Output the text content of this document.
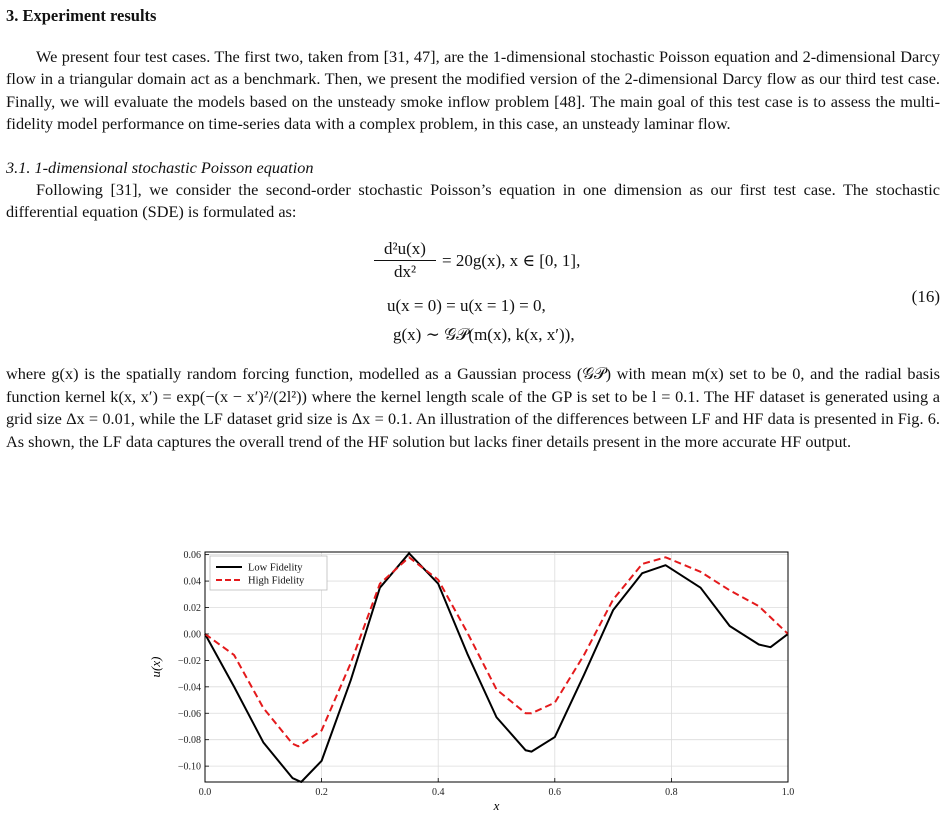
3. Experiment results

We present four test cases. The first two, taken from [31, 47], are the 1-dimensional stochastic Poisson equation and 2-dimensional Darcy flow in a triangular domain act as a benchmark. Then, we present the modified version of the 2-dimensional Darcy flow as our third test case. Finally, we will evaluate the models based on the unsteady smoke inflow problem [48]. The main goal of this test case is to assess the multi-fidelity model performance on time-series data with a complex problem, in this case, an unsteady laminar flow.

3.1. 1-dimensional stochastic Poisson equation

Following [31], we consider the second-order stochastic Poisson’s equation in one dimension as our first test case. The stochastic differential equation (SDE) is formulated as:

d²u(x)
dx²
= 20g(x), x ∈ [0, 1],
u(x = 0) = u(x = 1) = 0,
g(x) ∼ 𝒢𝒫(m(x), k(x, x′)),
(16)

where g(x) is the spatially random forcing function, modelled as a Gaussian process (𝒢𝒫) with mean m(x) set to be 0, and the radial basis function kernel k(x, x′) = exp(−(x − x′)²/(2l²)) where the kernel length scale of the GP is set to be l = 0.1. The HF dataset is generated using a grid size Δx = 0.01, while the LF dataset grid size is Δx = 0.1. An illustration of the differences between LF and HF data is presented in Fig. 6. As shown, the LF data captures the overall trend of the HF solution but lacks finer details present in the more accurate HF output.

0.0	0.2	0.4	0.6	0.8	1.0
0.06
0.04
0.02
0.00
−0.02
−0.04
−0.06
−0.08
−0.10
x
u(x)
Low Fidelity
High Fidelity
